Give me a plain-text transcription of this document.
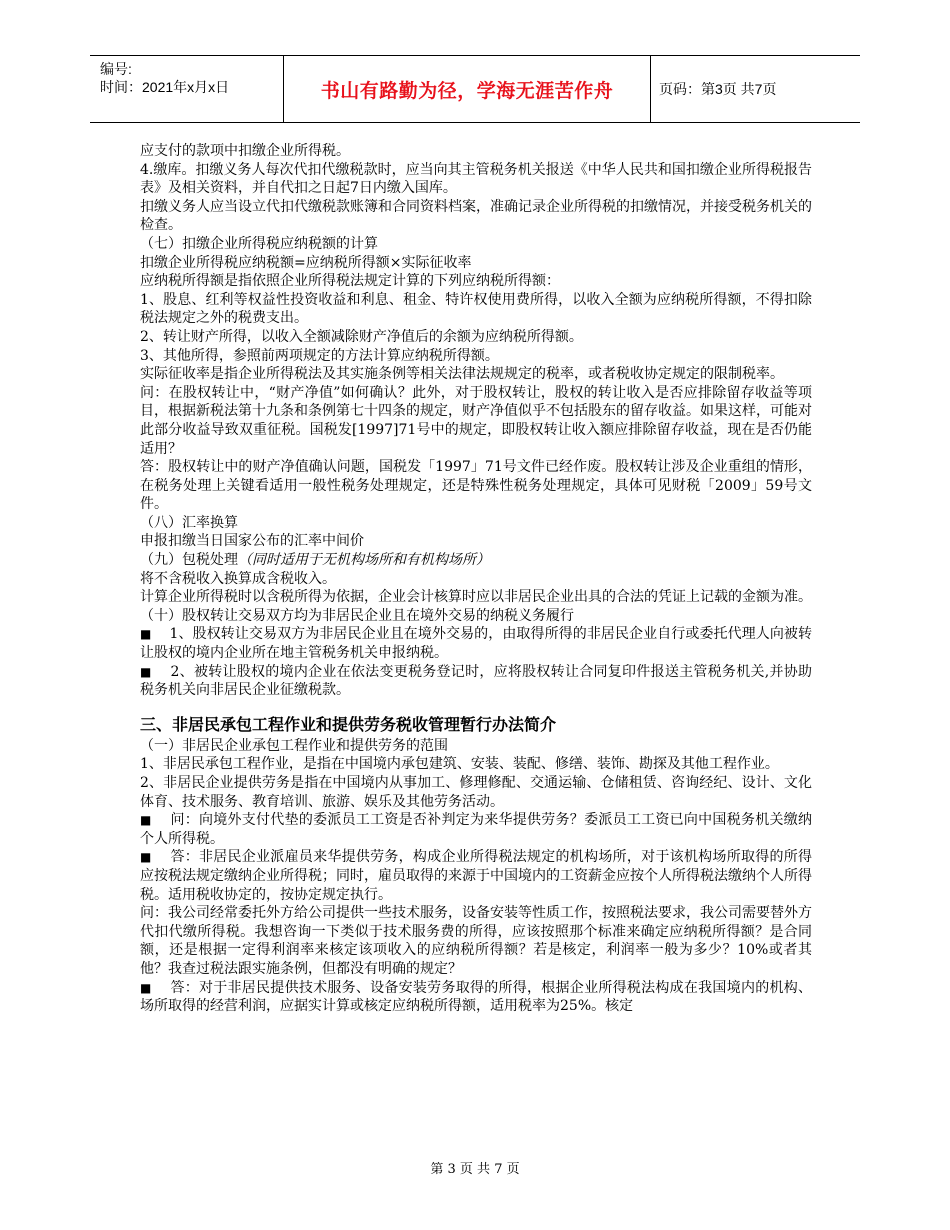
编号:
时间：2021年x月x日	书山有路勤为径，学海无涯苦作舟	页码：第3页 共7页

应支付的款项中扣缴企业所得税。

4.缴库。扣缴义务人每次代扣代缴税款时，应当向其主管税务机关报送《中华人民共和国扣缴企业所得税报告表》及相关资料，并自代扣之日起7日内缴入国库。

扣缴义务人应当设立代扣代缴税款账簿和合同资料档案，准确记录企业所得税的扣缴情况，并接受税务机关的检查。

（七）扣缴企业所得税应纳税额的计算

扣缴企业所得税应纳税额=应纳税所得额×实际征收率

应纳税所得额是指依照企业所得税法规定计算的下列应纳税所得额：

1、股息、红利等权益性投资收益和利息、租金、特许权使用费所得，以收入全额为应纳税所得额，不得扣除税法规定之外的税费支出。

2、转让财产所得，以收入全额减除财产净值后的余额为应纳税所得额。

3、其他所得，参照前两项规定的方法计算应纳税所得额。

实际征收率是指企业所得税法及其实施条例等相关法律法规规定的税率，或者税收协定规定的限制税率。

问：在股权转让中，“财产净值”如何确认？此外，对于股权转让，股权的转让收入是否应排除留存收益等项目，根据新税法第十九条和条例第七十四条的规定，财产净值似乎不包括股东的留存收益。如果这样，可能对此部分收益导致双重征税。国税发[1997]71号中的规定，即股权转让收入额应排除留存收益，现在是否仍能适用？

答：股权转让中的财产净值确认问题，国税发「1997」71号文件已经作废。股权转让涉及企业重组的情形，在税务处理上关键看适用一般性税务处理规定，还是特殊性税务处理规定，具体可见财税「2009」59号文件。

（八）汇率换算

申报扣缴当日国家公布的汇率中间价

（九）包税处理（同时适用于无机构场所和有机构场所）

将不含税收入换算成含税收入。

计算企业所得税时以含税所得为依据，企业会计核算时应以非居民企业出具的合法的凭证上记载的金额为准。

（十）股权转让交易双方均为非居民企业且在境外交易的纳税义务履行

■ 1、股权转让交易双方为非居民企业且在境外交易的，由取得所得的非居民企业自行或委托代理人向被转让股权的境内企业所在地主管税务机关申报纳税。

■ 2、被转让股权的境内企业在依法变更税务登记时，应将股权转让合同复印件报送主管税务机关,并协助税务机关向非居民企业征缴税款。

三、非居民承包工程作业和提供劳务税收管理暂行办法简介

（一）非居民企业承包工程作业和提供劳务的范围

1、非居民承包工程作业，是指在中国境内承包建筑、安装、装配、修缮、装饰、勘探及其他工程作业。

2、非居民企业提供劳务是指在中国境内从事加工、修理修配、交通运输、仓储租赁、咨询经纪、设计、文化体育、技术服务、教育培训、旅游、娱乐及其他劳务活动。

■ 问：向境外支付代垫的委派员工工资是否补判定为来华提供劳务？委派员工工资已向中国税务机关缴纳个人所得税。

■ 答：非居民企业派雇员来华提供劳务，构成企业所得税法规定的机构场所，对于该机构场所取得的所得应按税法规定缴纳企业所得税；同时，雇员取得的来源于中国境内的工资薪金应按个人所得税法缴纳个人所得税。适用税收协定的，按协定规定执行。

问：我公司经常委托外方给公司提供一些技术服务，设备安装等性质工作，按照税法要求，我公司需要替外方代扣代缴所得税。我想咨询一下类似于技术服务费的所得，应该按照那个标准来确定应纳税所得额？是合同额，还是根据一定得利润率来核定该项收入的应纳税所得额？若是核定，利润率一般为多少？10%或者其他？我查过税法跟实施条例，但都没有明确的规定？

■ 答：对于非居民提供技术服务、设备安装劳务取得的所得，根据企业所得税法构成在我国境内的机构、场所取得的经营利润，应据实计算或核定应纳税所得额，适用税率为25%。核定

第 3 页 共 7 页
